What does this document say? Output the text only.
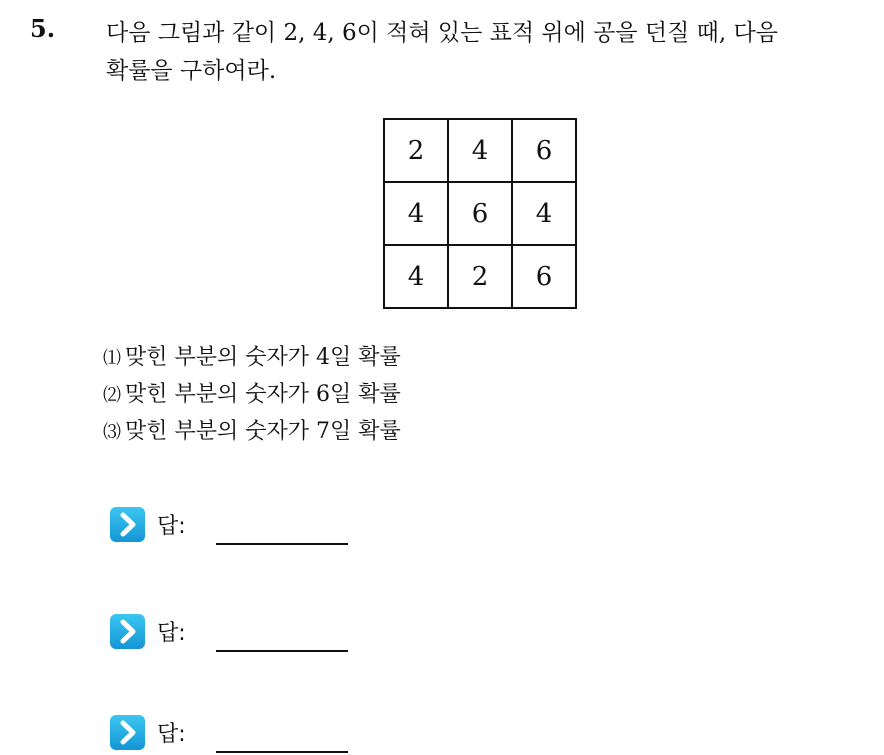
5. 다음 그림과 같이 2, 4, 6이 적혀 있는 표적 위에 공을 던질 때, 다음
확률을 구하여라.
2	4	6
4	6	4
4	2	6
⑴ 맞힌 부분의 숫자가 4일 확률
⑵ 맞힌 부분의 숫자가 6일 확률
⑶ 맞힌 부분의 숫자가 7일 확률
답:
답:
답:
